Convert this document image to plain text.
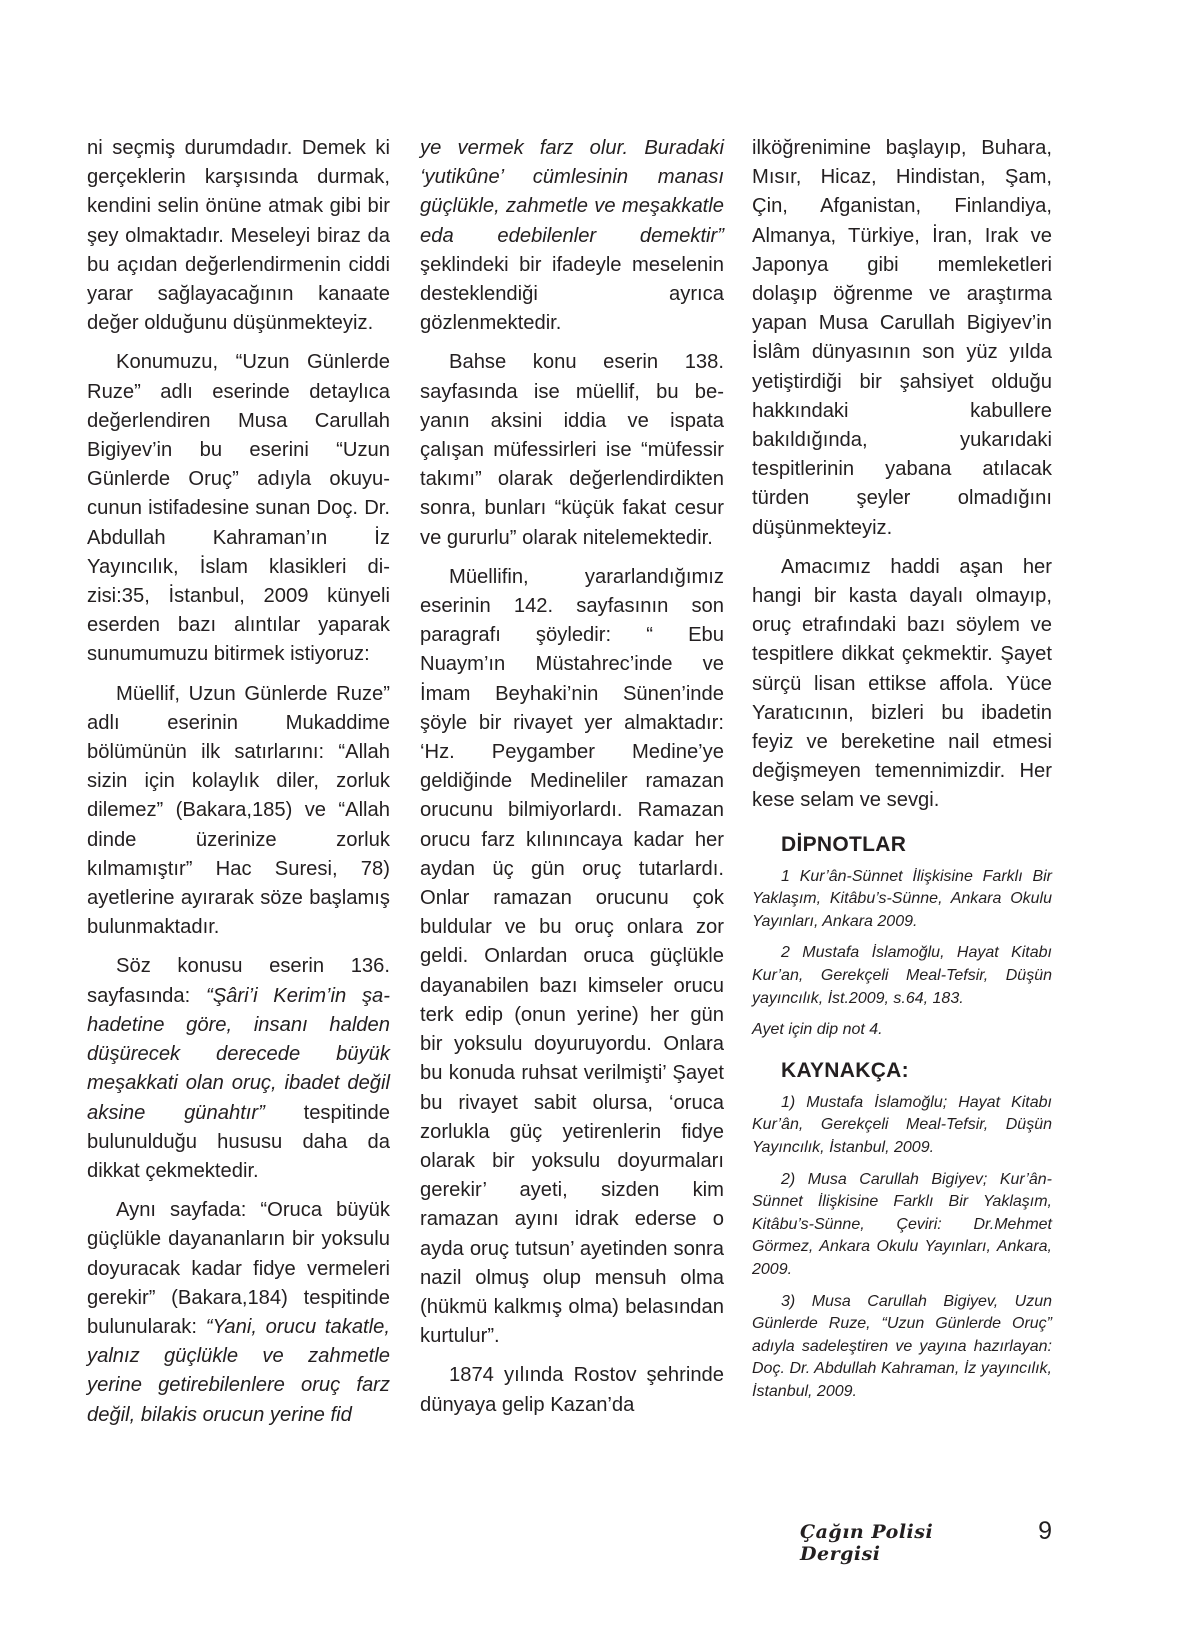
ni seçmiş durumdadır. Demek ki gerçeklerin karşısında durmak, kendini selin önüne atmak gibi bir şey olmaktadır. Meseleyi biraz da bu açıdan değerlendirmenin ciddi yarar sağlayacağının kanaate değer olduğunu düşünmekteyiz.

Konumuzu, “Uzun Günlerde Ruze” adlı eserinde detaylıca değerlendiren Musa Carullah Bigiyev’in bu eserini “Uzun Günlerde Oruç” adıyla okuyucunun istifadesine sunan Doç. Dr. Abdullah Kahraman’ın İz Yayıncılık, İslam klasikleri dizisi:35, İstanbul, 2009 künyeli eserden bazı alıntılar yaparak sunumumuzu bitirmek istiyoruz:

Müellif, Uzun Günlerde Ruze” adlı eserinin Mukaddime bölümünün ilk satırlarını: “Allah sizin için kolaylık diler, zorluk dilemez” (Bakara,185) ve “Allah dinde üzerinize zorluk kılmamıştır” Hac Suresi, 78) ayetlerine ayırarak söze başlamış bulunmaktadır.

Söz konusu eserin 136. sayfasında: “Şâri’i Kerim’in şahadetine göre, insanı halden düşürecek derecede büyük meşakkati olan oruç, ibadet değil aksine günahtır” tespitinde bulunulduğu hususu daha da dikkat çekmektedir.

Aynı sayfada: “Oruca büyük güçlükle dayananların bir yoksulu doyuracak kadar fidye vermeleri gerekir” (Bakara,184) tespitinde bulunularak: “Yani, orucu takatle, yalnız güçlükle ve zahmetle yerine getirebilenlere oruç farz değil, bilakis orucun yerine fid

ye vermek farz olur. Buradaki ‘yutikûne’ cümlesinin manası güçlükle, zahmetle ve meşakkatle eda edebilenler demektir” şeklindeki bir ifadeyle meselenin desteklendiği ayrıca gözlenmektedir.

Bahse konu eserin 138. sayfasında ise müellif, bu beyanın aksini iddia ve ispata çalışan müfessirleri ise “müfessir takımı” olarak değerlendirdikten sonra, bunları “küçük fakat cesur ve gururlu” olarak nitelemektedir.

Müellifin, yararlandığımız eserinin 142. sayfasının son paragrafı şöyledir: “ Ebu Nuaym’ın Müstahrec’inde ve İmam Beyhaki’nin Sünen’inde şöyle bir rivayet yer almaktadır: ‘Hz. Peygamber Medine’ye geldiğinde Medineliler ramazan orucunu bilmiyorlardı. Ramazan orucu farz kılınıncaya kadar her aydan üç gün oruç tutarlardı. Onlar ramazan orucunu çok buldular ve bu oruç onlara zor geldi. Onlardan oruca güçlükle dayanabilen bazı kimseler orucu terk edip (onun yerine) her gün bir yoksulu doyuruyordu. Onlara bu konuda ruhsat verilmişti’ Şayet bu rivayet sabit olursa, ‘oruca zorlukla güç yetirenlerin fidye olarak bir yoksulu doyurmaları gerekir’ ayeti, sizden kim ramazan ayını idrak ederse o ayda oruç tutsun’ ayetinden sonra nazil olmuş olup mensuh olma (hükmü kalkmış olma) belasından kurtulur”.

1874 yılında Rostov şehrinde dünyaya gelip Kazan’da

ilköğrenimine başlayıp, Buhara, Mısır, Hicaz, Hindistan, Şam, Çin, Afganistan, Finlandiya, Almanya, Türkiye, İran, Irak ve Japonya gibi memleketleri dolaşıp öğrenme ve araştırma yapan Musa Carullah Bigiyev’in İslâm dünyasının son yüz yılda yetiştirdiği bir şahsiyet olduğu hakkındaki kabullere bakıldığında, yukarıdaki tespitlerinin yabana atılacak türden şeyler olmadığını düşünmekteyiz.

Amacımız haddi aşan her hangi bir kasta dayalı olmayıp, oruç etrafındaki bazı söylem ve tespitlere dikkat çekmektir. Şayet sürçü lisan ettikse affola. Yüce Yaratıcının, bizleri bu ibadetin feyiz ve bereketine nail etmesi değişmeyen temennimizdir. Her kese selam ve sevgi.

DİPNOTLAR
1 Kur’ân-Sünnet İlişkisine Farklı Bir Yaklaşım, Kitâbu’s-Sünne, Ankara Okulu Yayınları, Ankara 2009.
2 Mustafa İslamoğlu, Hayat Kitabı Kur’an, Gerekçeli Meal-Tefsir, Düşün yayıncılık, İst.2009, s.64, 183.
Ayet için dip not 4.
KAYNAKÇA:
1) Mustafa İslamoğlu; Hayat Kitabı Kur’ân, Gerekçeli Meal-Tefsir, Düşün Yayıncılık, İstanbul, 2009.
2) Musa Carullah Bigiyev; Kur’ân-Sünnet İlişkisine Farklı Bir Yaklaşım, Kitâbu’s-Sünne, Çeviri: Dr.Mehmet Görmez, Ankara Okulu Yayınları, Ankara, 2009.
3) Musa Carullah Bigiyev, Uzun Günlerde Ruze, “Uzun Günlerde Oruç” adıyla sadeleştiren ve yayına hazırlayan: Doç. Dr. Abdullah Kahraman, İz yayıncılık, İstanbul, 2009.
Çağın Polisi Dergisi
9
